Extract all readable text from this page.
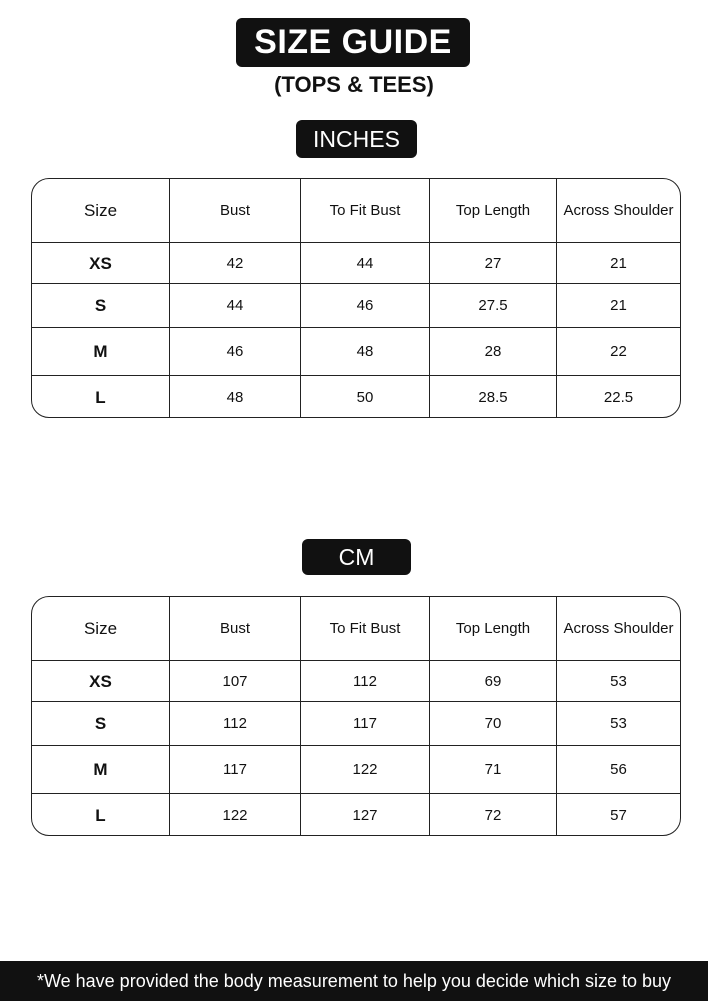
SIZE GUIDE
(TOPS & TEES)
INCHES
Size	Bust	To Fit Bust	Top Length	Across Shoulder
XS	42	44	27	21
S	44	46	27.5	21
M	46	48	28	22
L	48	50	28.5	22.5
CM
Size	Bust	To Fit Bust	Top Length	Across Shoulder
XS	107	112	69	53
S	112	117	70	53
M	117	122	71	56
L	122	127	72	57
*We have provided the body measurement to help you decide which size to buy
